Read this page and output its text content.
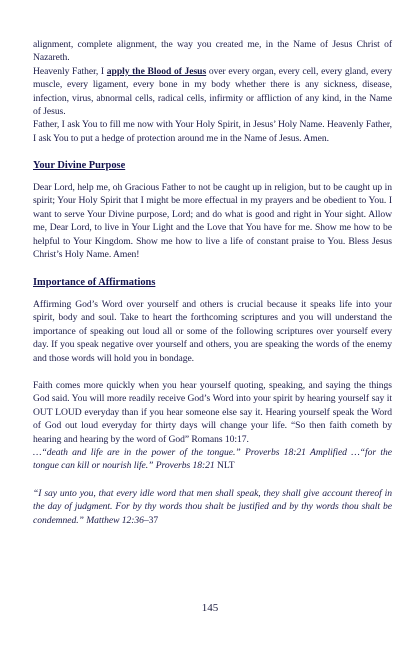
alignment, complete alignment, the way you created me, in the Name of Jesus Christ of Nazareth.

Heavenly Father, I apply the Blood of Jesus over every organ, every cell, every gland, every muscle, every ligament, every bone in my body whether there is any sickness, disease, infection, virus, abnormal cells, radical cells, infirmity or affliction of any kind, in the Name of Jesus.

Father, I ask You to fill me now with Your Holy Spirit, in Jesus’ Holy Name. Heavenly Father, I ask You to put a hedge of protection around me in the Name of Jesus. Amen.

Your Divine Purpose

Dear Lord, help me, oh Gracious Father to not be caught up in religion, but to be caught up in spirit; Your Holy Spirit that I might be more effectual in my prayers and be obedient to You. I want to serve Your Divine purpose, Lord; and do what is good and right in Your sight. Allow me, Dear Lord, to live in Your Light and the Love that You have for me. Show me how to be helpful to Your Kingdom. Show me how to live a life of constant praise to You. Bless Jesus Christ’s Holy Name. Amen!

Importance of Affirmations

Affirming God’s Word over yourself and others is crucial because it speaks life into your spirit, body and soul. Take to heart the forthcoming scriptures and you will understand the importance of speaking out loud all or some of the following scriptures over yourself every day. If you speak negative over yourself and others, you are speaking the words of the enemy and those words will hold you in bondage.

Faith comes more quickly when you hear yourself quoting, speaking, and saying the things God said. You will more readily receive God’s Word into your spirit by hearing yourself say it OUT LOUD everyday than if you hear someone else say it. Hearing yourself speak the Word of God out loud everyday for thirty days will change your life. “So then faith cometh by hearing and hearing by the word of God” Romans 10:17.
…“death and life are in the power of the tongue.” Proverbs 18:21 Amplified …“for the tongue can kill or nourish life.” Proverbs 18:21 NLT

“I say unto you, that every idle word that men shall speak, they shall give account thereof in the day of judgment. For by thy words thou shalt be justified and by thy words thou shalt be condemned.” Matthew 12:36–37

145
